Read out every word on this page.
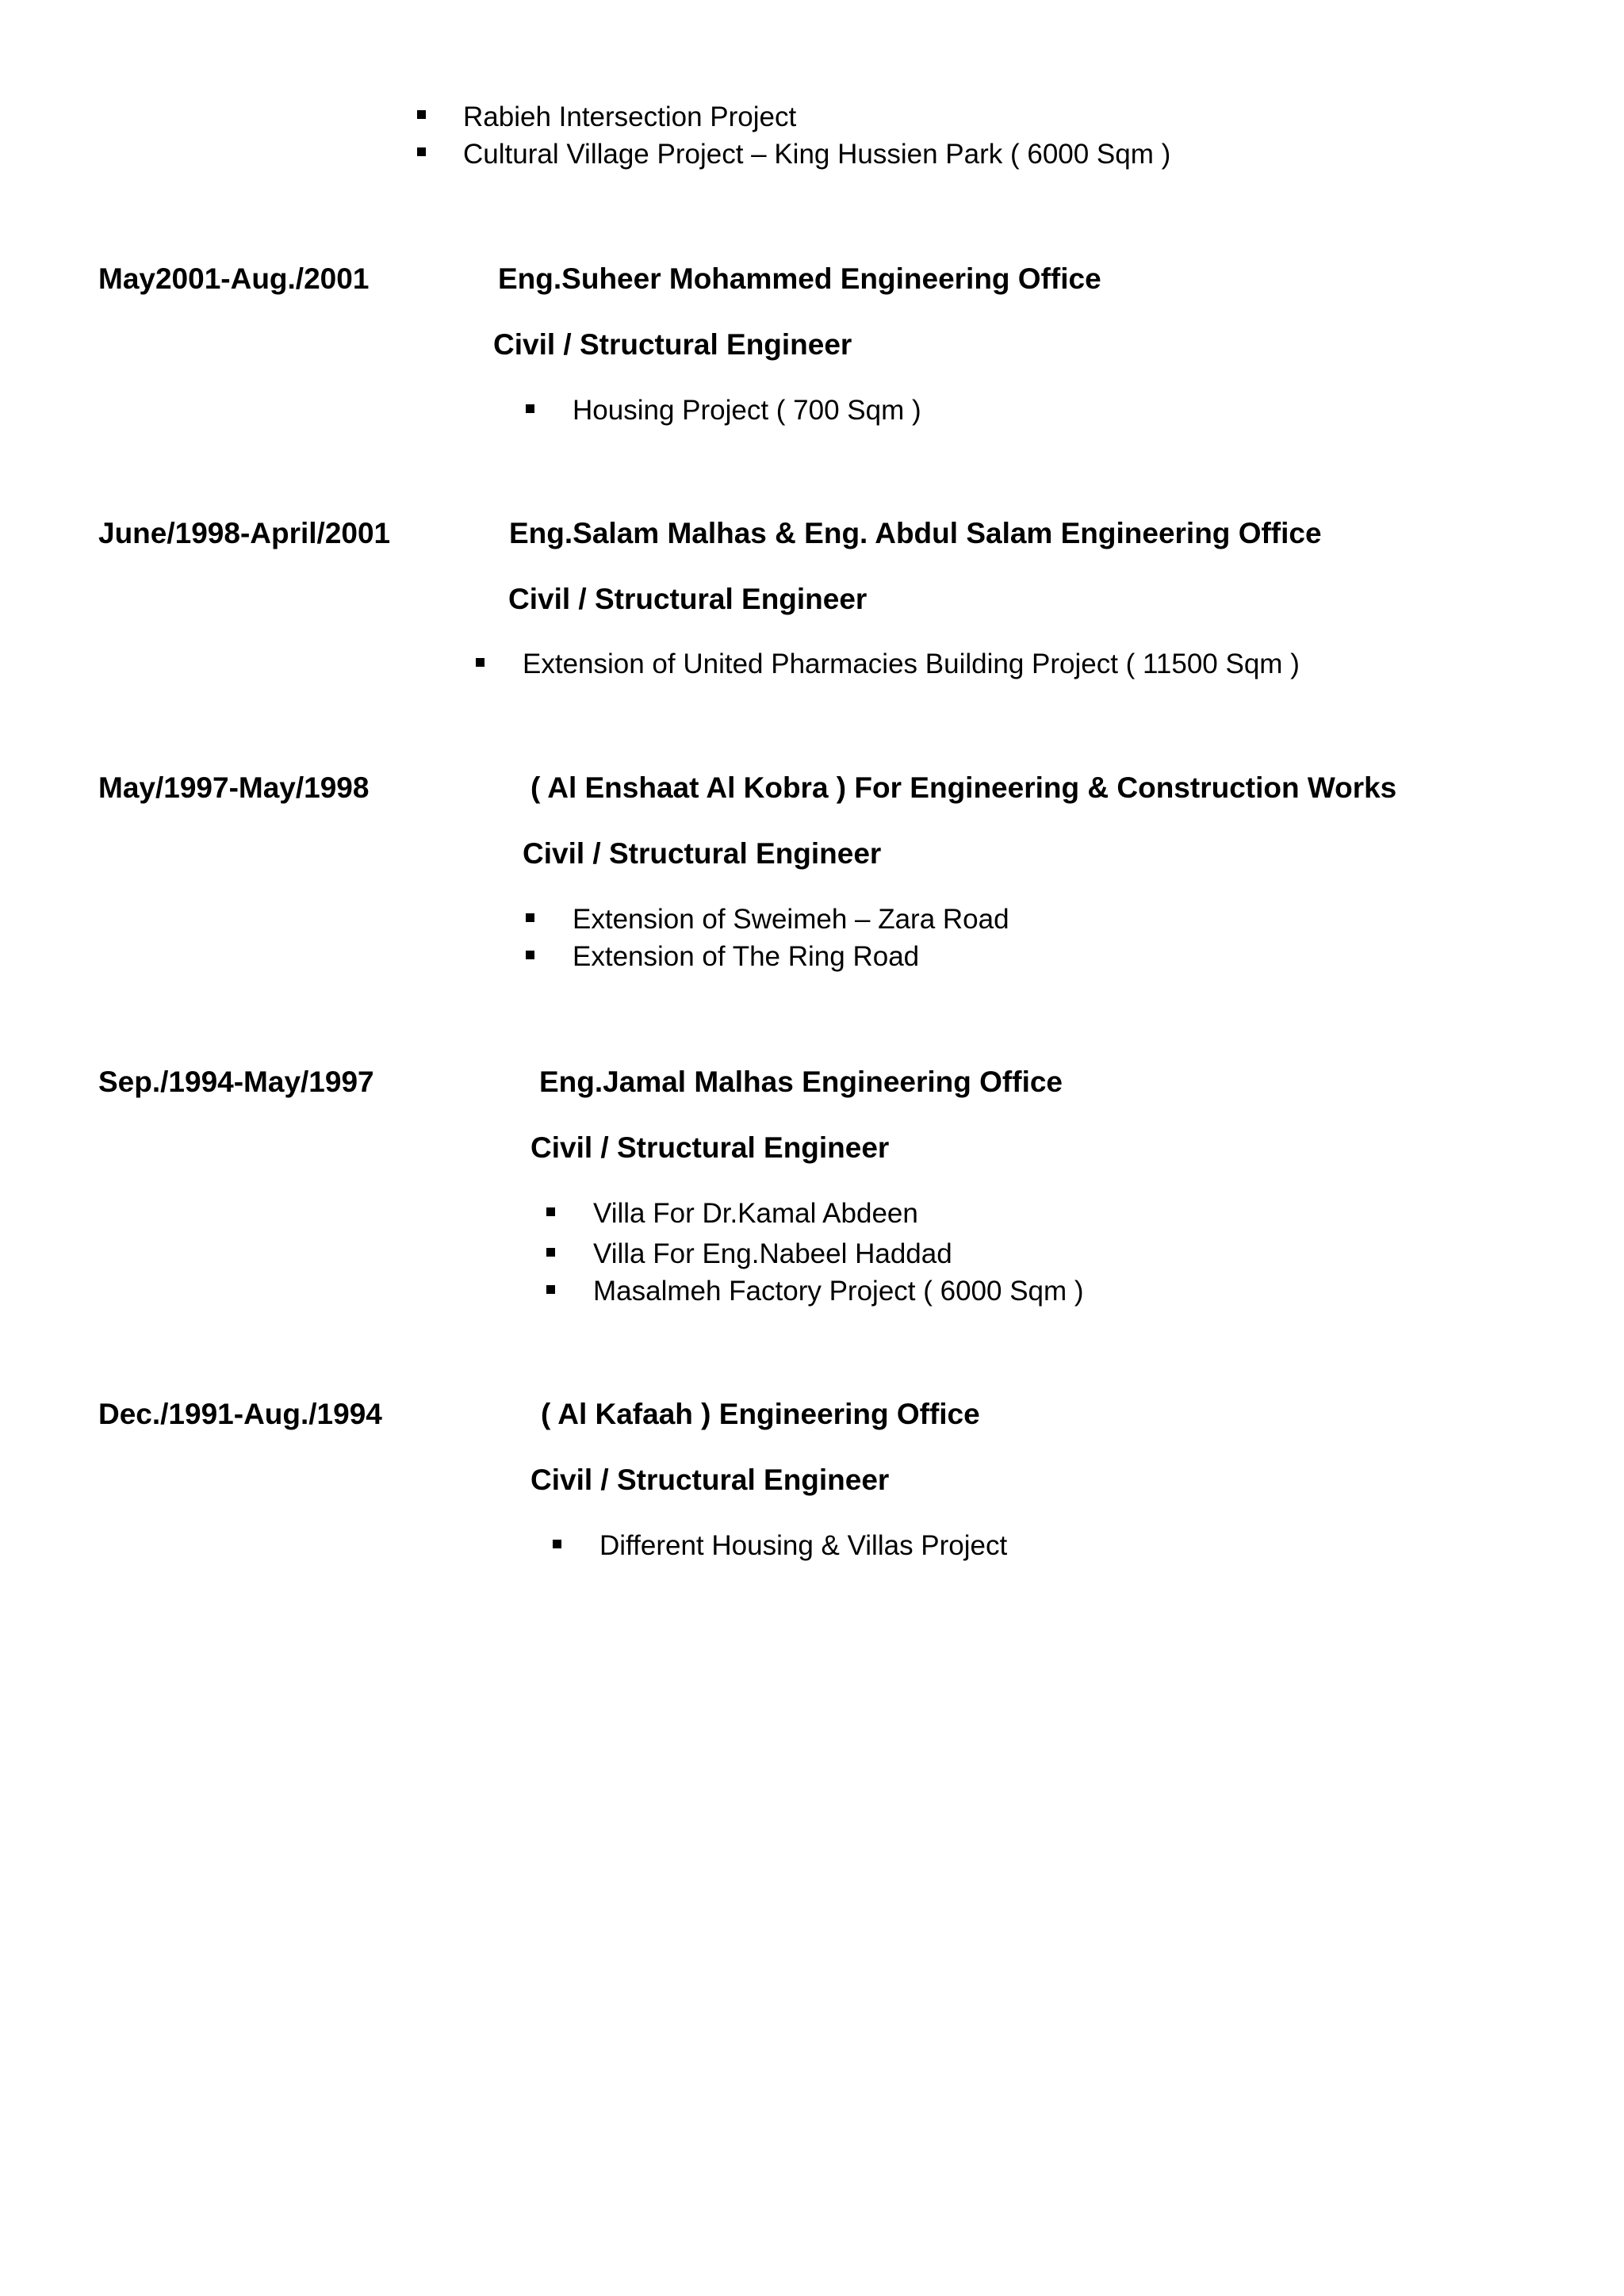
Rabieh Intersection Project
Cultural Village Project – King Hussien Park ( 6000 Sqm )
May2001-Aug./2001	Eng.Suheer Mohammed Engineering Office
Civil / Structural Engineer
Housing Project ( 700 Sqm )
June/1998-April/2001	Eng.Salam Malhas & Eng. Abdul Salam Engineering Office
Civil / Structural Engineer
Extension of United Pharmacies Building Project ( 11500 Sqm )
May/1997-May/1998	( Al Enshaat Al Kobra ) For Engineering & Construction Works
Civil / Structural Engineer
Extension of Sweimeh – Zara Road
Extension of The Ring Road
Sep./1994-May/1997	Eng.Jamal Malhas Engineering Office
Civil / Structural Engineer
Villa For Dr.Kamal Abdeen
Villa For Eng.Nabeel Haddad
Masalmeh Factory Project ( 6000 Sqm )
Dec./1991-Aug./1994	( Al Kafaah ) Engineering Office
Civil / Structural Engineer
Different Housing & Villas Project
